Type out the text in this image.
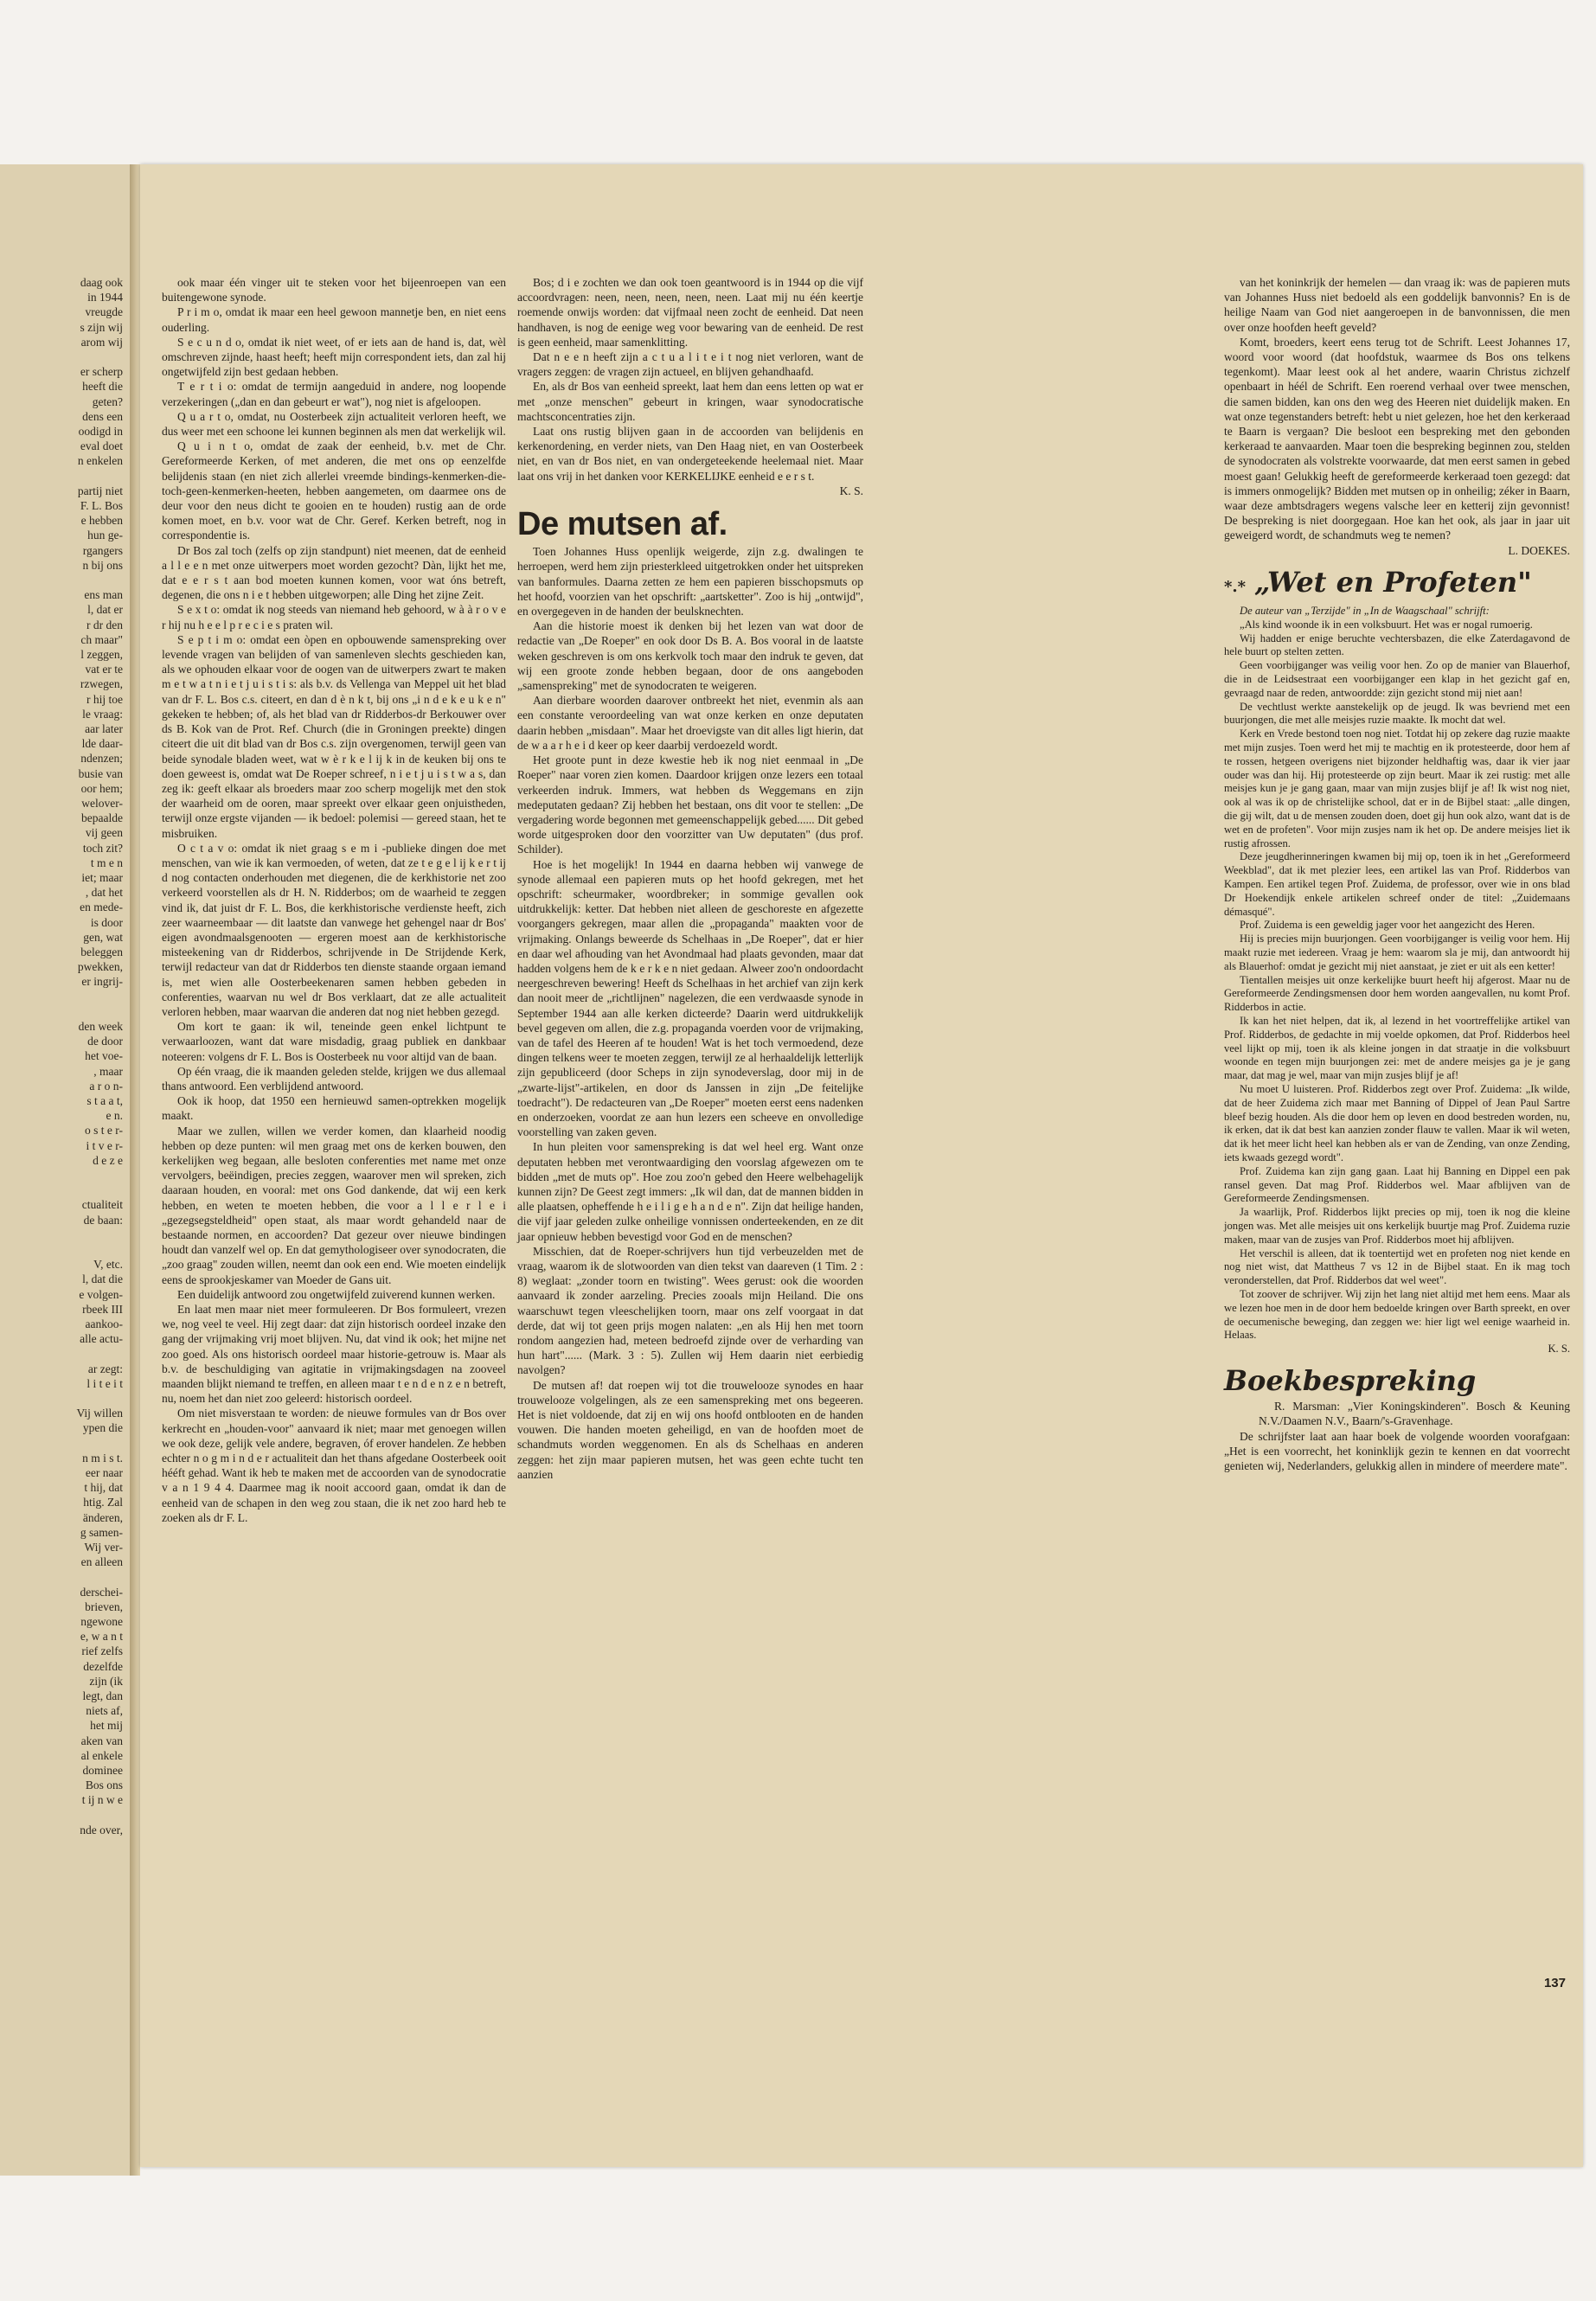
daag ook
in 1944
vreugde
s zijn wij
arom wij
er scherp
heeft die
geten?
dens een
oodigd in
eval doet
n enkelen
partij niet
F. L. Bos
e hebben
hun ge-
rgangers
n bij ons
ens man
l, dat er
r dr den
ch maar"
l zeggen,
vat er te
rzwegen,
r hij toe
le vraag:
aar later
lde daar-
ndenzen;
busie van
oor hem;
welover-
bepaalde
vij geen
toch zit?
t m e n
iet; maar
, dat het
en mede-
is door
gen, wat
beleggen
pwekken,
er ingrij-
den week
de door
het voe-
, maar
a r o n-
s t a a t,
e n.
o s t e r-
i t v e r-
d e z e
ctualiteit
de baan:
V, etc.
l, dat die
e volgen-
rbeek III
aankoo-
alle actu-
ar zegt:
l i t e i t
Vij willen
ypen die
n m i s t.
eer naar
t hij, dat
htig. Zal
änderen,
g samen-
Wij ver-
en alleen
derschei-
brieven,
ngewone
e, w a n t
rief zelfs
dezelfde
zijn (ik
legt, dan
niets af,
het mij
aken van
al enkele
dominee
Bos ons
t ij n w e
nde over,

ook maar één vinger uit te steken voor het bijeenroepen van een buitengewone synode.

P r i m o, omdat ik maar een heel gewoon mannetje ben, en niet eens ouderling.

S e c u n d o, omdat ik niet weet, of er iets aan de hand is, dat, wèl omschreven zijnde, haast heeft; heeft mijn correspondent iets, dan zal hij ongetwijfeld zijn best gedaan hebben.

T e r t i o: omdat de termijn aangeduid in andere, nog loopende verzekeringen („dan en dan gebeurt er wat"), nog niet is afgeloopen.

Q u a r t o, omdat, nu Oosterbeek zijn actualiteit verloren heeft, we dus weer met een schoone lei kunnen beginnen als men dat werkelijk wil.

Q u i n t o, omdat de zaak der eenheid, b.v. met de Chr. Gereformeerde Kerken, of met anderen, die met ons op eenzelfde belijdenis staan (en niet zich allerlei vreemde bindings-kenmerken-die-toch-geen-kenmerken-heeten, hebben aangemeten, om daarmee ons de deur voor den neus dicht te gooien en te houden) rustig aan de orde komen moet, en b.v. voor wat de Chr. Geref. Kerken betreft, nog in correspondentie is.

Dr Bos zal toch (zelfs op zijn standpunt) niet meenen, dat de eenheid a l l e e n met onze uitwerpers moet worden gezocht? Dàn, lijkt het me, dat e e r s t aan bod moeten kunnen komen, voor wat óns betreft, degenen, die ons n i e t hebben uitgeworpen; alle Ding het zijne Zeit.

S e x t o: omdat ik nog steeds van niemand heb gehoord, w à à r o v e r hij nu h e e l p r e c i e s praten wil.

S e p t i m o: omdat een òpen en opbouwende samenspreking over levende vragen van belijden of van samenleven slechts geschieden kan, als we ophouden elkaar voor de oogen van de uitwerpers zwart te maken m e t w a t n i e t j u i s t i s: als b.v. ds Vellenga van Meppel uit het blad van dr F. L. Bos c.s. citeert, en dan d è n k t, bij ons „i n d e k e u k e n" gekeken te hebben; of, als het blad van dr Ridderbos-dr Berkouwer over ds B. Kok van de Prot. Ref. Church (die in Groningen preekte) dingen citeert die uit dit blad van dr Bos c.s. zijn overgenomen, terwijl geen van beide synodale bladen weet, wat w è r k e l ij k in de keuken bij ons te doen geweest is, omdat wat De Roeper schreef, n i e t j u i s t w a s, dan zeg ik: geeft elkaar als broeders maar zoo scherp mogelijk met den stok der waarheid om de ooren, maar spreekt over elkaar geen onjuistheden, terwijl onze ergste vijanden — ik bedoel: polemisi — gereed staan, het te misbruiken.

O c t a v o: omdat ik niet graag s e m i -publieke dingen doe met menschen, van wie ik kan vermoeden, of weten, dat ze t e g e l ij k e r t ij d nog contacten onderhouden met diegenen, die de kerkhistorie net zoo verkeerd voorstellen als dr H. N. Ridderbos; om de waarheid te zeggen vind ik, dat juist dr F. L. Bos, die kerkhistorische verdienste heeft, zich zeer waarneembaar — dit laatste dan vanwege het gehengel naar dr Bos' eigen avondmaalsgenooten — ergeren moest aan de kerkhistorische misteekening van dr Ridderbos, schrijvende in De Strijdende Kerk, terwijl redacteur van dat dr Ridderbos ten dienste staande orgaan iemand is, met wien alle Oosterbeekenaren samen hebben gebeden in conferenties, waarvan nu wel dr Bos verklaart, dat ze alle actualiteit verloren hebben, maar waarvan die anderen dat nog niet hebben gezegd.

Om kort te gaan: ik wil, teneinde geen enkel lichtpunt te verwaarloozen, want dat ware misdadig, graag publiek en dankbaar noteeren: volgens dr F. L. Bos is Oosterbeek nu voor altijd van de baan.

Op één vraag, die ik maanden geleden stelde, krijgen we dus allemaal thans antwoord. Een verblijdend antwoord.

Ook ik hoop, dat 1950 een hernieuwd samen-optrekken mogelijk maakt.

Maar we zullen, willen we verder komen, dan klaarheid noodig hebben op deze punten: wil men graag met ons de kerken bouwen, den kerkelijken weg begaan, alle besloten conferenties met name met onze vervolgers, beëindigen, precies zeggen, waarover men wil spreken, zich daaraan houden, en vooral: met ons God dankende, dat wij een kerk hebben, en weten te moeten hebben, die voor a l l e r l e i „gezegsegsteldheid" open staat, als maar wordt gehandeld naar de bestaande normen, en accoorden? Dat gezeur over nieuwe bindingen houdt dan vanzelf wel op. En dat gemythologiseer over synodocraten, die „zoo graag" zouden willen, neemt dan ook een end. Wie moeten eindelijk eens de sprookjeskamer van Moeder de Gans uit.

Een duidelijk antwoord zou ongetwijfeld zuiverend kunnen werken.

En laat men maar niet meer formuleeren. Dr Bos formuleert, vrezen we, nog veel te veel. Hij zegt daar: dat zijn historisch oordeel inzake den gang der vrijmaking vrij moet blijven. Nu, dat vind ik ook; het mijne net zoo goed. Als ons historisch oordeel maar historie-getrouw is. Maar als b.v. de beschuldiging van agitatie in vrijmakingsdagen na zooveel maanden blijkt niemand te treffen, en alleen maar t e n d e n z e n betreft, nu, noem het dan niet zoo geleerd: historisch oordeel.

Om niet misverstaan te worden: de nieuwe formules van dr Bos over kerkrecht en „houden-voor" aanvaard ik niet; maar met genoegen willen we ook deze, gelijk vele andere, begraven, óf erover handelen. Ze hebben echter n o g m i n d e r actualiteit dan het thans afgedane Oosterbeek ooit hééft gehad. Want ik heb te maken met de accoorden van de synodocratie v a n 1 9 4 4. Daarmee mag ik nooit accoord gaan, omdat ik dan de eenheid van de schapen in den weg zou staan, die ik net zoo hard heb te zoeken als dr F. L.

Bos; d i e zochten we dan ook toen geantwoord is in 1944 op die vijf accoordvragen: neen, neen, neen, neen, neen. Laat mij nu één keertje roemende onwijs worden: dat vijfmaal neen zocht de eenheid. Dat neen handhaven, is nog de eenige weg voor bewaring van de eenheid. De rest is geen eenheid, maar samenklitting.

Dat n e e n heeft zijn a c t u a l i t e i t nog niet verloren, want de vragers zeggen: de vragen zijn actueel, en blijven gehandhaafd.

En, als dr Bos van eenheid spreekt, laat hem dan eens letten op wat er met „onze menschen" gebeurt in kringen, waar synodocratische machtsconcentraties zijn.

Laat ons rustig blijven gaan in de accoorden van belijdenis en kerkenordening, en verder niets, van Den Haag niet, en van Oosterbeek niet, en van dr Bos niet, en van ondergeteekende heelemaal niet. Maar laat ons vrij in het danken voor KERKELIJKE eenheid e e r s t.

K. S.

De mutsen af.

Toen Johannes Huss openlijk weigerde, zijn z.g. dwalingen te herroepen, werd hem zijn priesterkleed uitgetrokken onder het uitspreken van banformules. Daarna zetten ze hem een papieren bisschopsmuts op het hoofd, voorzien van het opschrift: „aartsketter". Zoo is hij „ontwijd", en overgegeven in de handen der beulsknechten.

Aan die historie moest ik denken bij het lezen van wat door de redactie van „De Roeper" en ook door Ds B. A. Bos vooral in de laatste weken geschreven is om ons kerkvolk toch maar den indruk te geven, dat wij een groote zonde hebben begaan, door de ons aangeboden „samenspreking" met de synodocraten te weigeren.

Aan dierbare woorden daarover ontbreekt het niet, evenmin als aan een constante veroordeeling van wat onze kerken en onze deputaten daarin hebben „misdaan". Maar het droevigste van dit alles ligt hierin, dat de w a a r h e i d keer op keer daarbij verdoezeld wordt.

Het groote punt in deze kwestie heb ik nog niet eenmaal in „De Roeper" naar voren zien komen. Daardoor krijgen onze lezers een totaal verkeerden indruk. Immers, wat hebben ds Weggemans en zijn medeputaten gedaan? Zij hebben het bestaan, ons dit voor te stellen: „De vergadering worde begonnen met gemeenschappelijk gebed...... Dit gebed worde uitgesproken door den voorzitter van Uw deputaten" (dus prof. Schilder).

Hoe is het mogelijk! In 1944 en daarna hebben wij vanwege de synode allemaal een papieren muts op het hoofd gekregen, met het opschrift: scheurmaker, woordbreker; in sommige gevallen ook uitdrukkelijk: ketter. Dat hebben niet alleen de geschoreste en afgezette voorgangers gekregen, maar allen die „propaganda" maakten voor de vrijmaking. Onlangs beweerde ds Schelhaas in „De Roeper", dat er hier en daar wel afhouding van het Avondmaal had plaats gevonden, maar dat hadden volgens hem de k e r k e n niet gedaan. Alweer zoo'n ondoordacht neergeschreven bewering! Heeft ds Schelhaas in het archief van zijn kerk dan nooit meer de „richtlijnen" nagelezen, die een verdwaasde synode in September 1944 aan alle kerken dicteerde? Daarin werd uitdrukkelijk bevel gegeven om allen, die z.g. propaganda voerden voor de vrijmaking, van de tafel des Heeren af te houden! Wat is het toch vermoedend, deze dingen telkens weer te moeten zeggen, terwijl ze al herhaaldelijk letterlijk zijn gepubliceerd (door Scheps in zijn synodeverslag, door mij in de „zwarte-lijst"-artikelen, en door ds Janssen in zijn „De feitelijke toedracht"). De redacteuren van „De Roeper" moeten eerst eens nadenken en onderzoeken, voordat ze aan hun lezers een scheeve en onvolledige voorstelling van zaken geven.

In hun pleiten voor samenspreking is dat wel heel erg. Want onze deputaten hebben met verontwaardiging den voorslag afgewezen om te bidden „met de muts op". Hoe zou zoo'n gebed den Heere welbehagelijk kunnen zijn? De Geest zegt immers: „Ik wil dan, dat de mannen bidden in alle plaatsen, opheffende h e i l i g e h a n d e n". Zijn dat heilige handen, die vijf jaar geleden zulke onheilige vonnissen onderteekenden, en ze dit jaar opnieuw hebben bevestigd voor God en de menschen?

Misschien, dat de Roeper-schrijvers hun tijd verbeuzelden met de vraag, waarom ik de slotwoorden van dien tekst van daareven (1 Tim. 2 : 8) weglaat: „zonder toorn en twisting". Wees gerust: ook die woorden aanvaard ik zonder aarzeling. Precies zooals mijn Heiland. Die ons waarschuwt tegen vleeschelijken toorn, maar ons zelf voorgaat in dat derde, dat wij tot geen prijs mogen nalaten: „en als Hij hen met toorn rondom aangezien had, meteen bedroefd zijnde over de verharding van hun hart"...... (Mark. 3 : 5). Zullen wij Hem daarin niet eerbiedig navolgen?

De mutsen af! dat roepen wij tot die trouwelooze synodes en haar trouwelooze volgelingen, als ze een samenspreking met ons begeeren. Het is niet voldoende, dat zij en wij ons hoofd ontblooten en de handen vouwen. Die handen moeten geheiligd, en van de hoofden moet de schandmuts worden weggenomen. En als ds Schelhaas en anderen zeggen: het zijn maar papieren mutsen, het was geen echte tucht ten aanzien

van het koninkrijk der hemelen — dan vraag ik: was de papieren muts van Johannes Huss niet bedoeld als een goddelijk banvonnis? En is de heilige Naam van God niet aangeroepen in de banvonnissen, die men over onze hoofden heeft geveld?

Komt, broeders, keert eens terug tot de Schrift. Leest Johannes 17, woord voor woord (dat hoofdstuk, waarmee ds Bos ons telkens tegenkomt). Maar leest ook al het andere, waarin Christus zichzelf openbaart in héél de Schrift. Een roerend verhaal over twee menschen, die samen bidden, kan ons den weg des Heeren niet duidelijk maken. En wat onze tegenstanders betreft: hebt u niet gelezen, hoe het den kerkeraad te Baarn is vergaan? Die besloot een bespreking met den gebonden kerkeraad te aanvaarden. Maar toen die bespreking beginnen zou, stelden de synodocraten als volstrekte voorwaarde, dat men eerst samen in gebed moest gaan! Gelukkig heeft de gereformeerde kerkeraad toen gezegd: dat is immers onmogelijk? Bidden met mutsen op in onheilig; zéker in Baarn, waar deze ambtsdragers wegens valsche leer en ketterij zijn gevonnist! De bespreking is niet doorgegaan. Hoe kan het ook, als jaar in jaar uit geweigerd wordt, de schandmuts weg te nemen?

L. DOEKES.

*.* „Wet en Profeten"

De auteur van „Terzijde" in „In de Waagschaal" schrijft:

„Als kind woonde ik in een volksbuurt. Het was er nogal rumoerig.

Wij hadden er enige beruchte vechtersbazen, die elke Zaterdagavond de hele buurt op stelten zetten.

Geen voorbijganger was veilig voor hen. Zo op de manier van Blauerhof, die in de Leidsestraat een voorbijganger een klap in het gezicht gaf en, gevraagd naar de reden, antwoordde: zijn gezicht stond mij niet aan!

De vechtlust werkte aanstekelijk op de jeugd. Ik was bevriend met een buurjongen, die met alle meisjes ruzie maakte. Ik mocht dat wel.

Kerk en Vrede bestond toen nog niet. Totdat hij op zekere dag ruzie maakte met mijn zusjes. Toen werd het mij te machtig en ik protesteerde, door hem af te rossen, hetgeen overigens niet bijzonder heldhaftig was, daar ik vier jaar ouder was dan hij. Hij protesteerde op zijn beurt. Maar ik zei rustig: met alle meisjes kun je je gang gaan, maar van mijn zusjes blijf je af! Ik wist nog niet, ook al was ik op de christelijke school, dat er in de Bijbel staat: „alle dingen, die gij wilt, dat u de mensen zouden doen, doet gij hun ook alzo, want dat is de wet en de profeten". Voor mijn zusjes nam ik het op. De andere meisjes liet ik rustig afrossen.

Deze jeugdherinneringen kwamen bij mij op, toen ik in het „Gereformeerd Weekblad", dat ik met plezier lees, een artikel las van Prof. Ridderbos van Kampen. Een artikel tegen Prof. Zuidema, de professor, over wie in ons blad Dr Hoekendijk enkele artikelen schreef onder de titel: „Zuidemaans démasqué".

Prof. Zuidema is een geweldig jager voor het aangezicht des Heren.

Hij is precies mijn buurjongen. Geen voorbijganger is veilig voor hem. Hij maakt ruzie met iedereen. Vraag je hem: waarom sla je mij, dan antwoordt hij als Blauerhof: omdat je gezicht mij niet aanstaat, je ziet er uit als een ketter!

Tientallen meisjes uit onze kerkelijke buurt heeft hij afgerost. Maar nu de Gereformeerde Zendingsmensen door hem worden aangevallen, nu komt Prof. Ridderbos in actie.

Ik kan het niet helpen, dat ik, al lezend in het voortreffelijke artikel van Prof. Ridderbos, de gedachte in mij voelde opkomen, dat Prof. Ridderbos heel veel lijkt op mij, toen ik als kleine jongen in dat straatje in die volksbuurt woonde en tegen mijn buurjongen zei: met de andere meisjes ga je je gang maar, dat mag je wel, maar van mijn zusjes blijf je af!

Nu moet U luisteren. Prof. Ridderbos zegt over Prof. Zuidema: „Ik wilde, dat de heer Zuidema zich maar met Banning of Dippel of Jean Paul Sartre bleef bezig houden. Als die door hem op leven en dood bestreden worden, nu, ik erken, dat ik dat best kan aanzien zonder flauw te vallen. Maar ik wil weten, dat ik het meer licht heel kan hebben als er van de Zending, van onze Zending, iets kwaads gezegd wordt".

Prof. Zuidema kan zijn gang gaan. Laat hij Banning en Dippel een pak ransel geven. Dat mag Prof. Ridderbos wel. Maar afblijven van de Gereformeerde Zendingsmensen.

Ja waarlijk, Prof. Ridderbos lijkt precies op mij, toen ik nog die kleine jongen was. Met alle meisjes uit ons kerkelijk buurtje mag Prof. Zuidema ruzie maken, maar van de zusjes van Prof. Ridderbos moet hij afblijven.

Het verschil is alleen, dat ik toentertijd wet en profeten nog niet kende en nog niet wist, dat Mattheus 7 vs 12 in de Bijbel staat. En ik mag toch veronderstellen, dat Prof. Ridderbos dat wel weet".

Tot zoover de schrijver. Wij zijn het lang niet altijd met hem eens. Maar als we lezen hoe men in de door hem bedoelde kringen over Barth spreekt, en over de oecumenische beweging, dan zeggen we: hier ligt wel eenige waarheid in. Helaas.

K. S.

Boekbespreking

R. Marsman: „Vier Koningskinderen". Bosch & Keuning N.V./Daamen N.V., Baarn/'s-Gravenhage.

De schrijfster laat aan haar boek de volgende woorden voorafgaan: „Het is een voorrecht, het koninklijk gezin te kennen en dat voorrecht genieten wij, Nederlanders, gelukkig allen in mindere of meerdere mate".

137
